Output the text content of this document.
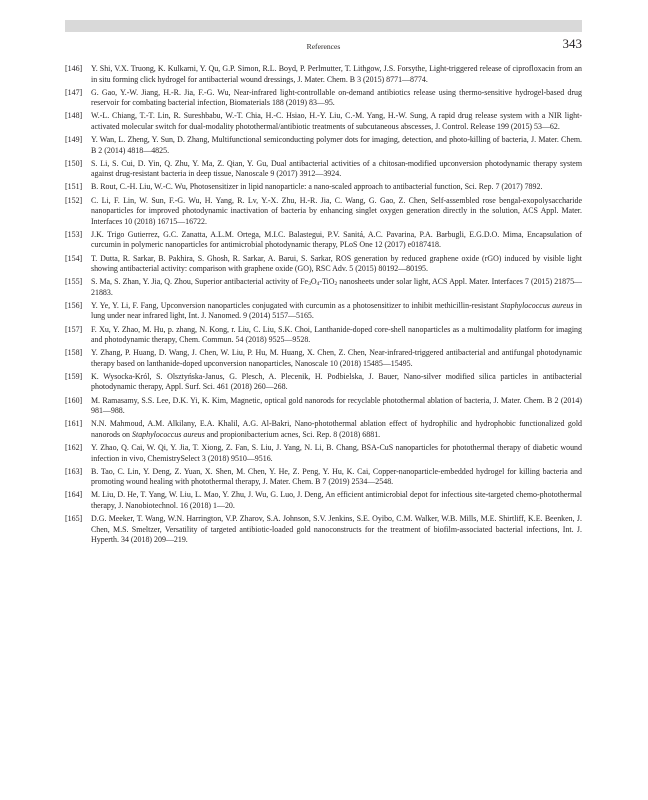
References	343
[146]	Y. Shi, V.X. Truong, K. Kulkarni, Y. Qu, G.P. Simon, R.L. Boyd, P. Perlmutter, T. Lithgow, J.S. Forsythe, Light-triggered release of ciprofloxacin from an in situ forming click hydrogel for antibacterial wound dressings, J. Mater. Chem. B 3 (2015) 8771—8774.
[147]	G. Gao, Y.-W. Jiang, H.-R. Jia, F.-G. Wu, Near-infrared light-controllable on-demand antibiotics release using thermo-sensitive hydrogel-based drug reservoir for combating bacterial infection, Biomaterials 188 (2019) 83—95.
[148]	W.-L. Chiang, T.-T. Lin, R. Sureshbabu, W.-T. Chia, H.-C. Hsiao, H.-Y. Liu, C.-M. Yang, H.-W. Sung, A rapid drug release system with a NIR light-activated molecular switch for dual-modality photothermal/antibiotic treatments of subcutaneous abscesses, J. Control. Release 199 (2015) 53—62.
[149]	Y. Wan, L. Zheng, Y. Sun, D. Zhang, Multifunctional semiconducting polymer dots for imaging, detection, and photo-killing of bacteria, J. Mater. Chem. B 2 (2014) 4818—4825.
[150]	S. Li, S. Cui, D. Yin, Q. Zhu, Y. Ma, Z. Qian, Y. Gu, Dual antibacterial activities of a chitosan-modified upconversion photodynamic therapy system against drug-resistant bacteria in deep tissue, Nanoscale 9 (2017) 3912—3924.
[151]	B. Rout, C.-H. Liu, W.-C. Wu, Photosensitizer in lipid nanoparticle: a nano-scaled approach to antibacterial function, Sci. Rep. 7 (2017) 7892.
[152]	C. Li, F. Lin, W. Sun, F.-G. Wu, H. Yang, R. Lv, Y.-X. Zhu, H.-R. Jia, C. Wang, G. Gao, Z. Chen, Self-assembled rose bengal-exopolysaccharide nanoparticles for improved photodynamic inactivation of bacteria by enhancing singlet oxygen generation directly in the solution, ACS Appl. Mater. Interfaces 10 (2018) 16715—16722.
[153]	J.K. Trigo Gutierrez, G.C. Zanatta, A.L.M. Ortega, M.I.C. Balastegui, P.V. Sanitá, A.C. Pavarina, P.A. Barbugli, E.G.D.O. Mima, Encapsulation of curcumin in polymeric nanoparticles for antimicrobial photodynamic therapy, PLoS One 12 (2017) e0187418.
[154]	T. Dutta, R. Sarkar, B. Pakhira, S. Ghosh, R. Sarkar, A. Barui, S. Sarkar, ROS generation by reduced graphene oxide (rGO) induced by visible light showing antibacterial activity: comparison with graphene oxide (GO), RSC Adv. 5 (2015) 80192—80195.
[155]	S. Ma, S. Zhan, Y. Jia, Q. Zhou, Superior antibacterial activity of $Fe_3O_4-TiO_2$ nanosheets under solar light, ACS Appl. Mater. Interfaces 7 (2015) 21875—21883.
[156]	Y. Ye, Y. Li, F. Fang, Upconversion nanoparticles conjugated with curcumin as a photosensitizer to inhibit methicillin-resistant Staphylococcus aureus in lung under near infrared light, Int. J. Nanomed. 9 (2014) 5157—5165.
[157]	F. Xu, Y. Zhao, M. Hu, p. zhang, N. Kong, r. Liu, C. Liu, S.K. Choi, Lanthanide-doped core-shell nanoparticles as a multimodality platform for imaging and photodynamic therapy, Chem. Commun. 54 (2018) 9525—9528.
[158]	Y. Zhang, P. Huang, D. Wang, J. Chen, W. Liu, P. Hu, M. Huang, X. Chen, Z. Chen, Near-infrared-triggered antibacterial and antifungal photodynamic therapy based on lanthanide-doped upconversion nanoparticles, Nanoscale 10 (2018) 15485—15495.
[159]	K. Wysocka-Król, S. Olsztyńska-Janus, G. Plesch, A. Plecenik, H. Podbielska, J. Bauer, Nano-silver modified silica particles in antibacterial photodynamic therapy, Appl. Surf. Sci. 461 (2018) 260—268.
[160]	M. Ramasamy, S.S. Lee, D.K. Yi, K. Kim, Magnetic, optical gold nanorods for recyclable photothermal ablation of bacteria, J. Mater. Chem. B 2 (2014) 981—988.
[161]	N.N. Mahmoud, A.M. Alkilany, E.A. Khalil, A.G. Al-Bakri, Nano-photothermal ablation effect of hydrophilic and hydrophobic functionalized gold nanorods on Staphylococcus aureus and propionibacterium acnes, Sci. Rep. 8 (2018) 6881.
[162]	Y. Zhao, Q. Cai, W. Qi, Y. Jia, T. Xiong, Z. Fan, S. Liu, J. Yang, N. Li, B. Chang, BSA-CuS nanoparticles for photothermal therapy of diabetic wound infection in vivo, ChemistrySelect 3 (2018) 9510—9516.
[163]	B. Tao, C. Lin, Y. Deng, Z. Yuan, X. Shen, M. Chen, Y. He, Z. Peng, Y. Hu, K. Cai, Copper-nanoparticle-embedded hydrogel for killing bacteria and promoting wound healing with photothermal therapy, J. Mater. Chem. B 7 (2019) 2534—2548.
[164]	M. Liu, D. He, T. Yang, W. Liu, L. Mao, Y. Zhu, J. Wu, G. Luo, J. Deng, An efficient antimicrobial depot for infectious site-targeted chemo-photothermal therapy, J. Nanobiotechnol. 16 (2018) 1—20.
[165]	D.G. Meeker, T. Wang, W.N. Harrington, V.P. Zharov, S.A. Johnson, S.V. Jenkins, S.E. Oyibo, C.M. Walker, W.B. Mills, M.E. Shirtliff, K.E. Beenken, J. Chen, M.S. Smeltzer, Versatility of targeted antibiotic-loaded gold nanoconstructs for the treatment of biofilm-associated bacterial infections, Int. J. Hyperth. 34 (2018) 209—219.
